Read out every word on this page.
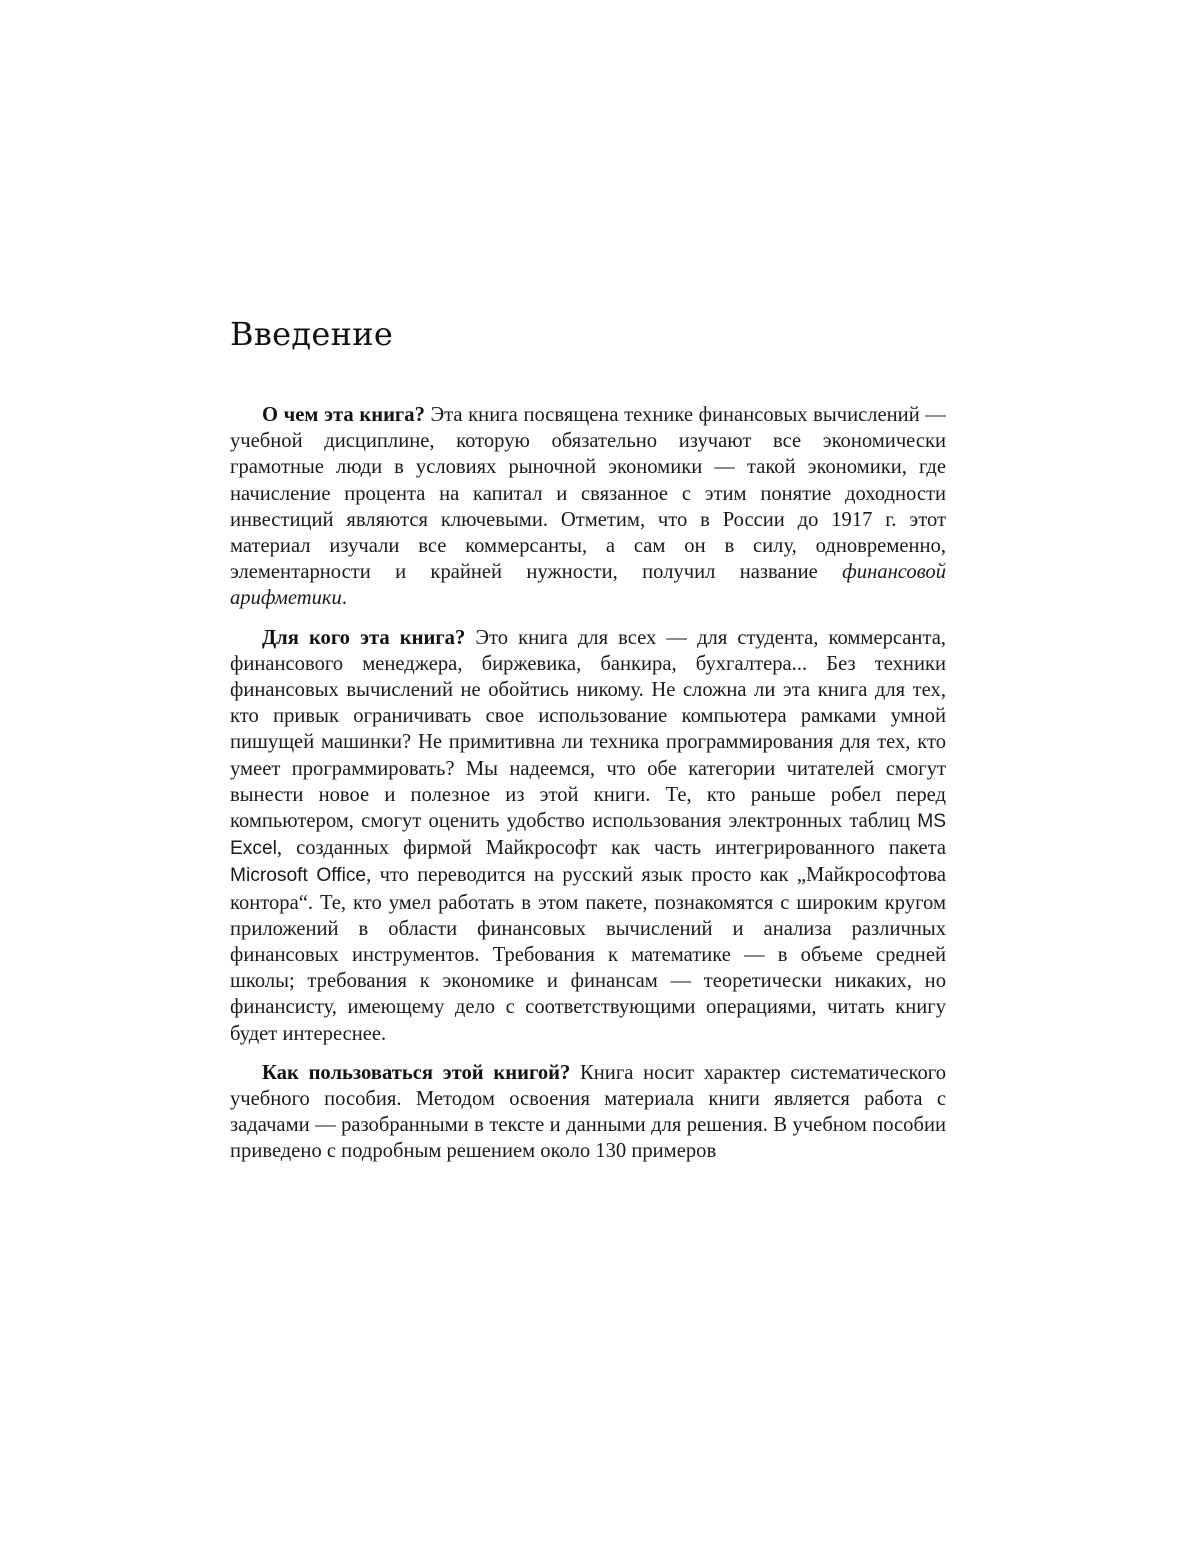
Введение

О чем эта книга? Эта книга посвящена технике финансовых вычислений — учебной дисциплине, которую обязательно изучают все экономически грамотные люди в условиях рыночной экономики — такой экономики, где начисление процента на капитал и связанное с этим понятие доходности инвестиций являются ключевыми. Отметим, что в России до 1917 г. этот материал изучали все коммерсанты, а сам он в силу, одновременно, элементарности и крайней нужности, получил название финансовой арифметики.

Для кого эта книга? Это книга для всех — для студента, коммерсанта, финансового менеджера, биржевика, банкира, бухгалтера... Без техники финансовых вычислений не обойтись никому. Не сложна ли эта книга для тех, кто привык ограничивать свое использование компьютера рамками умной пишущей машинки? Не примитивна ли техника программирования для тех, кто умеет программировать? Мы надеемся, что обе категории читателей смогут вынести новое и полезное из этой книги. Те, кто раньше робел перед компьютером, смогут оценить удобство использования электронных таблиц MS Excel, созданных фирмой Майкрософт как часть интегрированного пакета Microsoft Office, что переводится на русский язык просто как „Майкрософтова контора“. Те, кто умел работать в этом пакете, познакомятся с широким кругом приложений в области финансовых вычислений и анализа различных финансовых инструментов. Требования к математике — в объеме средней школы; требования к экономике и финансам — теоретически никаких, но финансисту, имеющему дело с соответствующими операциями, читать книгу будет интереснее.

Как пользоваться этой книгой? Книга носит характер систематического учебного пособия. Методом освоения материала книги является работа с задачами — разобранными в тексте и данными для решения. В учебном пособии приведено с подробным решением около 130 примеров
